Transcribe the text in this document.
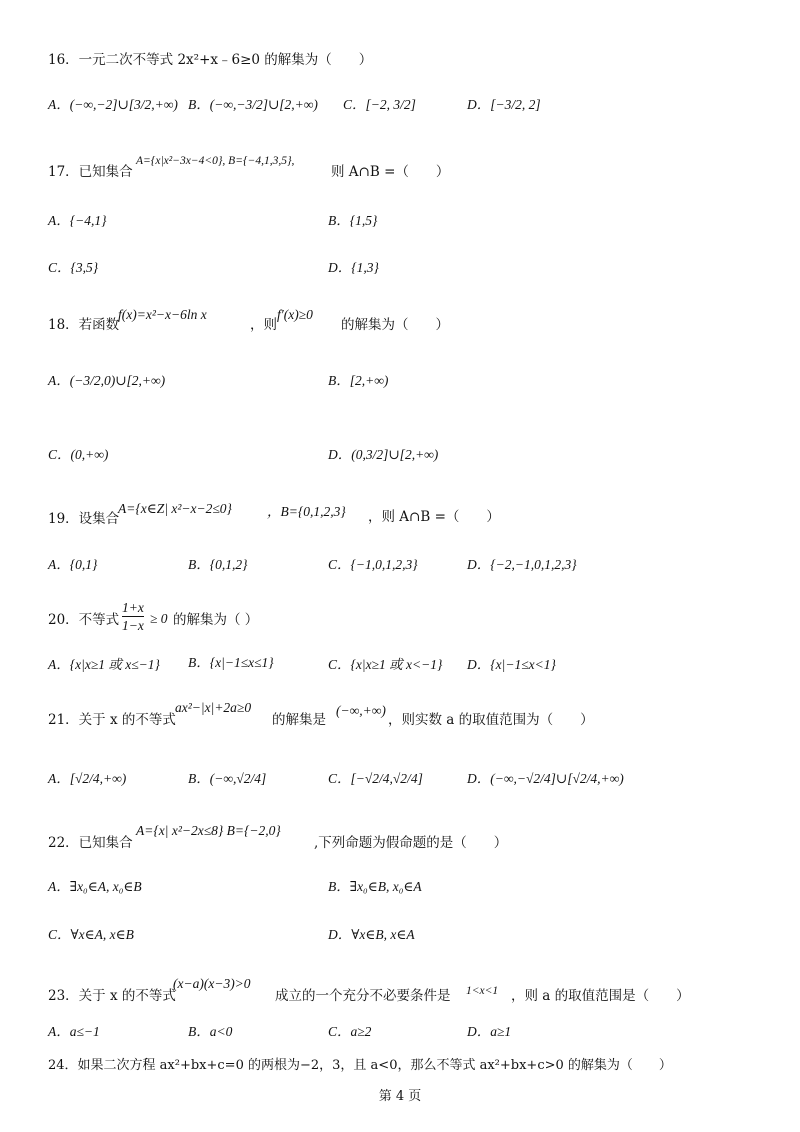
16．一元二次不等式 2x²+x﹣6≥0 的解集为（　　）
A．(−∞,−2]∪[3/2,+∞) B．(−∞,−3/2]∪[2,+∞) C．[−2, 3/2]	D．[−3/2, 2]
17．已知集合
A={x|x²−3x−4<0}, B={−4,1,3,5},
则 A∩B =（　　）
A．{−4,1}	B．{1,5}
C．{3,5}	D．{1,3}
18．若函数
f(x)=x²−x−6ln x
，则
f′(x)≥0
的解集为（　　）
A．(−3/2,0)∪[2,+∞)	B．[2,+∞)
C．(0,+∞)	D．(0,3/2]∪[2,+∞)
19．设集合
A={x∈Z| x²−x−2≤0}	，B={0,1,2,3} ，则 A∩B =（　　）
A．{0,1}	B．{0,1,2}	C．{−1,0,1,2,3}	D．{−2,−1,0,1,2,3}
20．不等式
1+x
1−x ≥ 0 的解集为（ ）
A．{x|x≥1 或 x≤−1} B．{x|−1≤x≤1}	C．{x|x≥1 或 x<−1} D．{x|−1≤x<1}
21．关于 x 的不等式
ax²−|x|+2a≥0
的解集是
(−∞,+∞)
，则实数 a 的取值范围为（　　）
A．[√2/4,+∞)	B．(−∞,√2/4]	C．[−√2/4,√2/4]	D．(−∞,−√2/4]∪[√2/4,+∞)
22．已知集合
A={x| x²−2x≤8} B={−2,0}
,下列命题为假命题的是（　　）
A．∃x₀∈A, x₀∈B	B．∃x₀∈B, x₀∈A
C．∀x∈A, x∈B	D．∀x∈B, x∈A
23．关于 x 的不等式
(x−a)(x−3)>0
成立的一个充分不必要条件是 1<x<1 ，则 a 的取值范围是（　　）
A．a≤−1	B．a<0	C．a≥2	D．a≥1
24．如果二次方程 ax²+bx+c=0 的两根为−2，3，且 a<0，那么不等式 ax²+bx+c>0 的解集为（　　）
第 4 页
